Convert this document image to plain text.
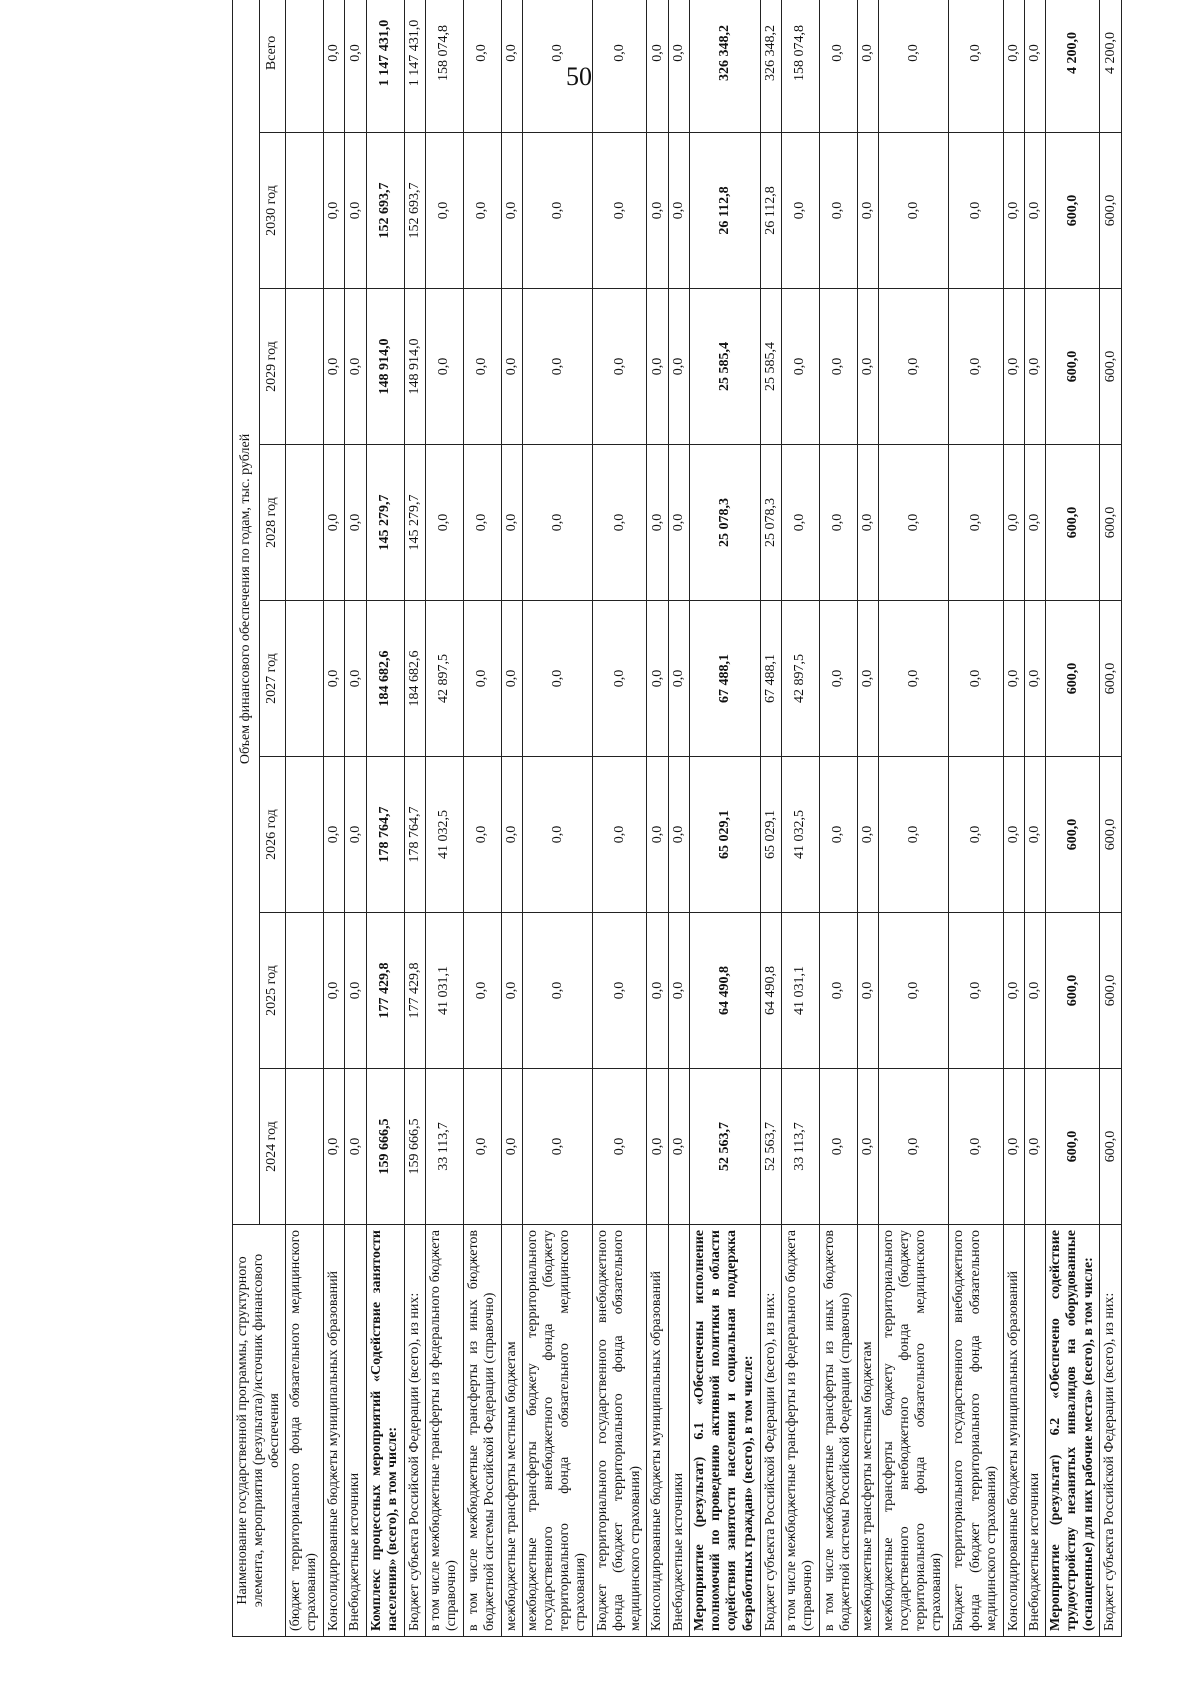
50
Наименование государственной программы, структурного элемента, мероприятия (результата)/источник финансового обеспечения	Объем финансового обеспечения по годам, тыс. рублей							
	2024 год	2025 год	2026 год	2027 год	2028 год	2029 год	2030 год	Всего
(бюджет территориального фонда обязательного медицинского страхования)								
Консолидированные бюджеты муниципальных образований	0,0	0,0	0,0	0,0	0,0	0,0	0,0	0,0
Внебюджетные источники	0,0	0,0	0,0	0,0	0,0	0,0	0,0	0,0
Комплекс процессных мероприятий «Содействие занятости населения» (всего), в том числе:	159 666,5	177 429,8	178 764,7	184 682,6	145 279,7	148 914,0	152 693,7	1 147 431,0
Бюджет субъекта Российской Федерации (всего), из них:	159 666,5	177 429,8	178 764,7	184 682,6	145 279,7	148 914,0	152 693,7	1 147 431,0
в том числе межбюджетные трансферты из федерального бюджета (справочно)	33 113,7	41 031,1	41 032,5	42 897,5	0,0	0,0	0,0	158 074,8
в том числе межбюджетные трансферты из иных бюджетов бюджетной системы Российской Федерации (справочно)	0,0	0,0	0,0	0,0	0,0	0,0	0,0	0,0
межбюджетные трансферты местным бюджетам	0,0	0,0	0,0	0,0	0,0	0,0	0,0	0,0
межбюджетные трансферты бюджету территориального государственного внебюджетного фонда (бюджету территориального фонда обязательного медицинского страхования)	0,0	0,0	0,0	0,0	0,0	0,0	0,0	0,0
Бюджет территориального государственного внебюджетного фонда (бюджет территориального фонда обязательного медицинского страхования)	0,0	0,0	0,0	0,0	0,0	0,0	0,0	0,0
Консолидированные бюджеты муниципальных образований	0,0	0,0	0,0	0,0	0,0	0,0	0,0	0,0
Внебюджетные источники	0,0	0,0	0,0	0,0	0,0	0,0	0,0	0,0
Мероприятие (результат) 6.1 «Обеспечены исполнение полномочий по проведению активной политики в области содействия занятости населения и социальная поддержка безработных граждан» (всего), в том числе:	52 563,7	64 490,8	65 029,1	67 488,1	25 078,3	25 585,4	26 112,8	326 348,2
Бюджет субъекта Российской Федерации (всего), из них:	52 563,7	64 490,8	65 029,1	67 488,1	25 078,3	25 585,4	26 112,8	326 348,2
в том числе межбюджетные трансферты из федерального бюджета (справочно)	33 113,7	41 031,1	41 032,5	42 897,5	0,0	0,0	0,0	158 074,8
в том числе межбюджетные трансферты из иных бюджетов бюджетной системы Российской Федерации (справочно)	0,0	0,0	0,0	0,0	0,0	0,0	0,0	0,0
межбюджетные трансферты местным бюджетам	0,0	0,0	0,0	0,0	0,0	0,0	0,0	0,0
межбюджетные трансферты бюджету территориального государственного внебюджетного фонда (бюджету территориального фонда обязательного медицинского страхования)	0,0	0,0	0,0	0,0	0,0	0,0	0,0	0,0
Бюджет территориального государственного внебюджетного фонда (бюджет территориального фонда обязательного медицинского страхования)	0,0	0,0	0,0	0,0	0,0	0,0	0,0	0,0
Консолидированные бюджеты муниципальных образований	0,0	0,0	0,0	0,0	0,0	0,0	0,0	0,0
Внебюджетные источники	0,0	0,0	0,0	0,0	0,0	0,0	0,0	0,0
Мероприятие (результат) 6.2 «Обеспечено содействие трудоустройству незанятых инвалидов на оборудованные (оснащенные) для них рабочие места» (всего), в том числе:	600,0	600,0	600,0	600,0	600,0	600,0	600,0	4 200,0
Бюджет субъекта Российской Федерации (всего), из них:	600,0	600,0	600,0	600,0	600,0	600,0	600,0	4 200,0
